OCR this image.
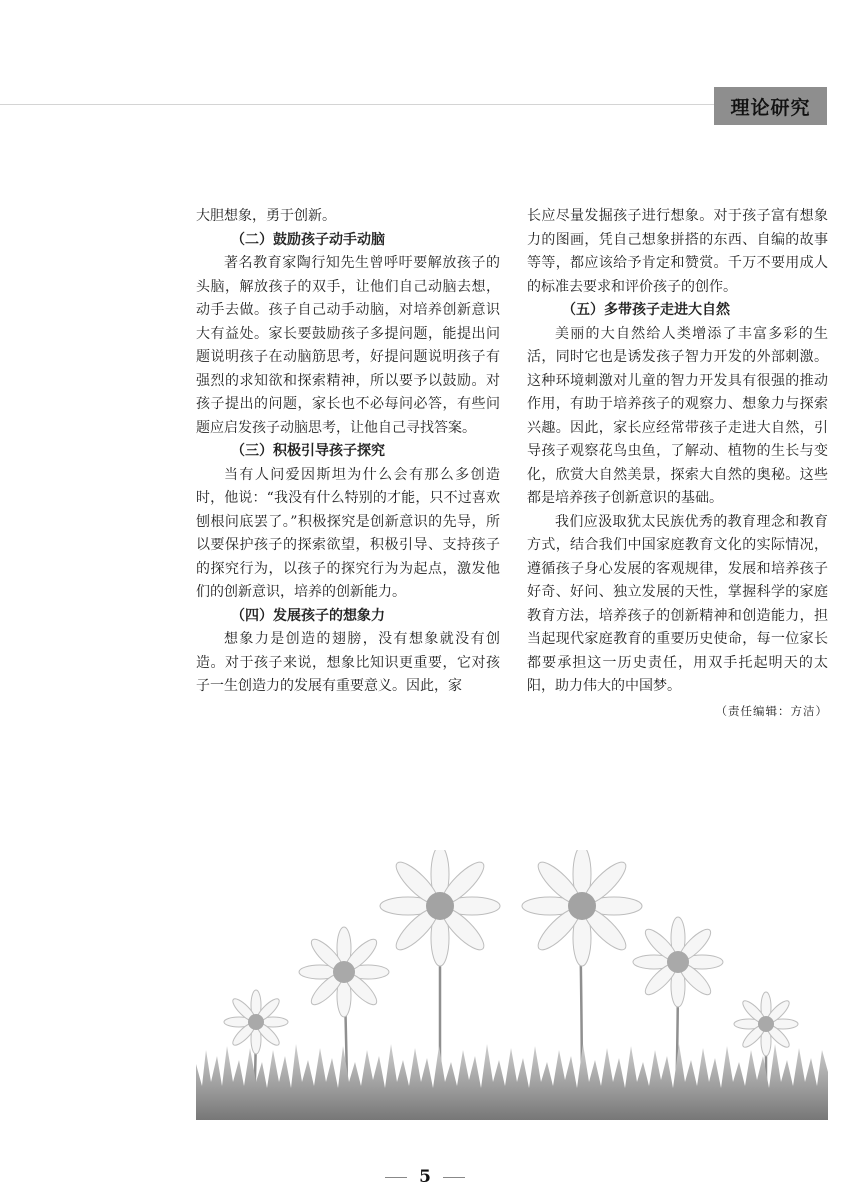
理论研究

大胆想象，勇于创新。

（二）鼓励孩子动手动脑

著名教育家陶行知先生曾呼吁要解放孩子的头脑，解放孩子的双手，让他们自己动脑去想，动手去做。孩子自己动手动脑，对培养创新意识大有益处。家长要鼓励孩子多提问题，能提出问题说明孩子在动脑筋思考，好提问题说明孩子有强烈的求知欲和探索精神，所以要予以鼓励。对孩子提出的问题，家长也不必每问必答，有些问题应启发孩子动脑思考，让他自己寻找答案。

（三）积极引导孩子探究

当有人问爱因斯坦为什么会有那么多创造时，他说：“我没有什么特别的才能，只不过喜欢刨根问底罢了。”积极探究是创新意识的先导，所以要保护孩子的探索欲望，积极引导、支持孩子的探究行为，以孩子的探究行为为起点，激发他们的创新意识，培养的创新能力。

（四）发展孩子的想象力

想象力是创造的翅膀，没有想象就没有创造。对于孩子来说，想象比知识更重要，它对孩子一生创造力的发展有重要意义。因此，家

长应尽量发掘孩子进行想象。对于孩子富有想象力的图画，凭自己想象拼搭的东西、自编的故事等等，都应该给予肯定和赞赏。千万不要用成人的标准去要求和评价孩子的创作。

（五）多带孩子走进大自然

美丽的大自然给人类增添了丰富多彩的生活，同时它也是诱发孩子智力开发的外部刺激。这种环境刺激对儿童的智力开发具有很强的推动作用，有助于培养孩子的观察力、想象力与探索兴趣。因此，家长应经常带孩子走进大自然，引导孩子观察花鸟虫鱼，了解动、植物的生长与变化，欣赏大自然美景，探索大自然的奥秘。这些都是培养孩子创新意识的基础。

我们应汲取犹太民族优秀的教育理念和教育方式，结合我们中国家庭教育文化的实际情况，遵循孩子身心发展的客观规律，发展和培养孩子好奇、好问、独立发展的天性，掌握科学的家庭教育方法，培养孩子的创新精神和创造能力，担当起现代家庭教育的重要历史使命，每一位家长都要承担这一历史责任，用双手托起明天的太阳，助力伟大的中国梦。

（责任编辑：方洁）
5
